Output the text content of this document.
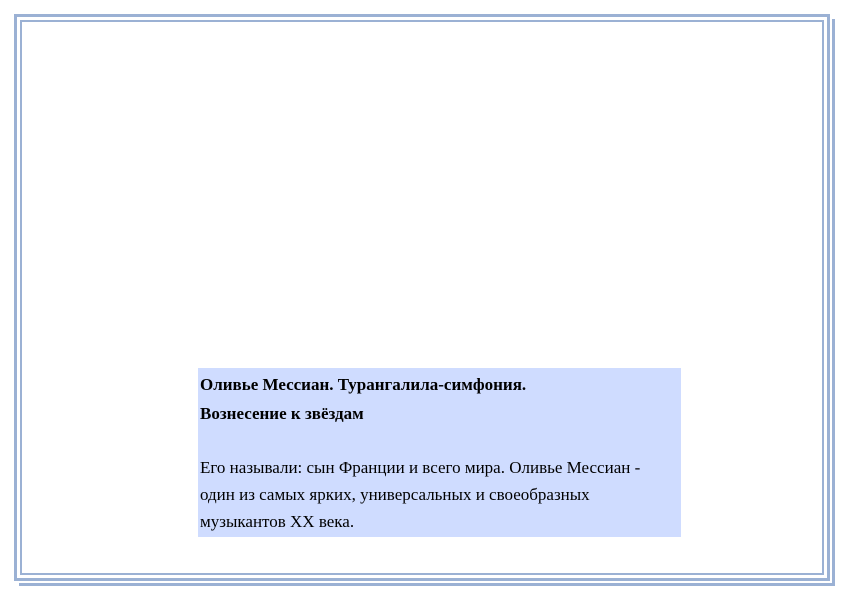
Оливье Мессиан. Турангалила-симфония. Вознесение к звёздам

Его называли: сын Франции и всего мира. Оливье Мессиан - один из самых ярких, универсальных и своеобразных музыкантов XX века.
